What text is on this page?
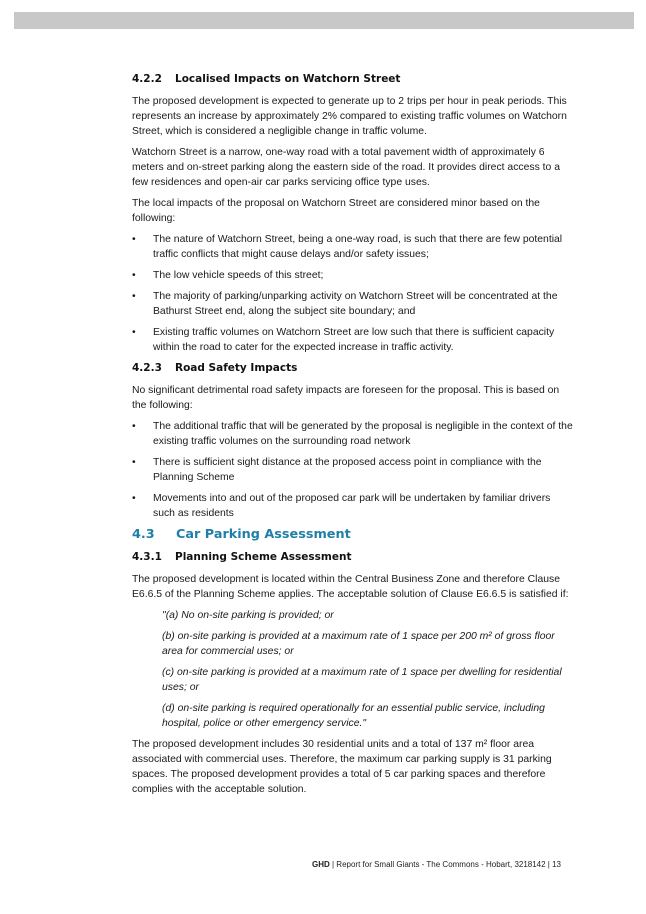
4.2.2 Localised Impacts on Watchorn Street

The proposed development is expected to generate up to 2 trips per hour in peak periods. This represents an increase by approximately 2% compared to existing traffic volumes on Watchorn Street, which is considered a negligible change in traffic volume.

Watchorn Street is a narrow, one-way road with a total pavement width of approximately 6 meters and on-street parking along the eastern side of the road. It provides direct access to a few residences and open-air car parks servicing office type uses.

The local impacts of the proposal on Watchorn Street are considered minor based on the following:

• The nature of Watchorn Street, being a one-way road, is such that there are few potential traffic conflicts that might cause delays and/or safety issues;
• The low vehicle speeds of this street;
• The majority of parking/unparking activity on Watchorn Street will be concentrated at the Bathurst Street end, along the subject site boundary; and
• Existing traffic volumes on Watchorn Street are low such that there is sufficient capacity within the road to cater for the expected increase in traffic activity.
4.2.3 Road Safety Impacts

No significant detrimental road safety impacts are foreseen for the proposal. This is based on the following:

• The additional traffic that will be generated by the proposal is negligible in the context of the existing traffic volumes on the surrounding road network
• There is sufficient sight distance at the proposed access point in compliance with the Planning Scheme
• Movements into and out of the proposed car park will be undertaken by familiar drivers such as residents
4.3 Car Parking Assessment
4.3.1 Planning Scheme Assessment

The proposed development is located within the Central Business Zone and therefore Clause E6.6.5 of the Planning Scheme applies. The acceptable solution of Clause E6.6.5 is satisfied if:

"(a) No on-site parking is provided; or

(b) on-site parking is provided at a maximum rate of 1 space per 200 m² of gross floor area for commercial uses; or

(c) on-site parking is provided at a maximum rate of 1 space per dwelling for residential uses; or

(d) on-site parking is required operationally for an essential public service, including hospital, police or other emergency service."

The proposed development includes 30 residential units and a total of 137 m² floor area associated with commercial uses. Therefore, the maximum car parking supply is 31 parking spaces. The proposed development provides a total of 5 car parking spaces and therefore complies with the acceptable solution.

GHD | Report for Small Giants - The Commons - Hobart, 3218142 | 13
